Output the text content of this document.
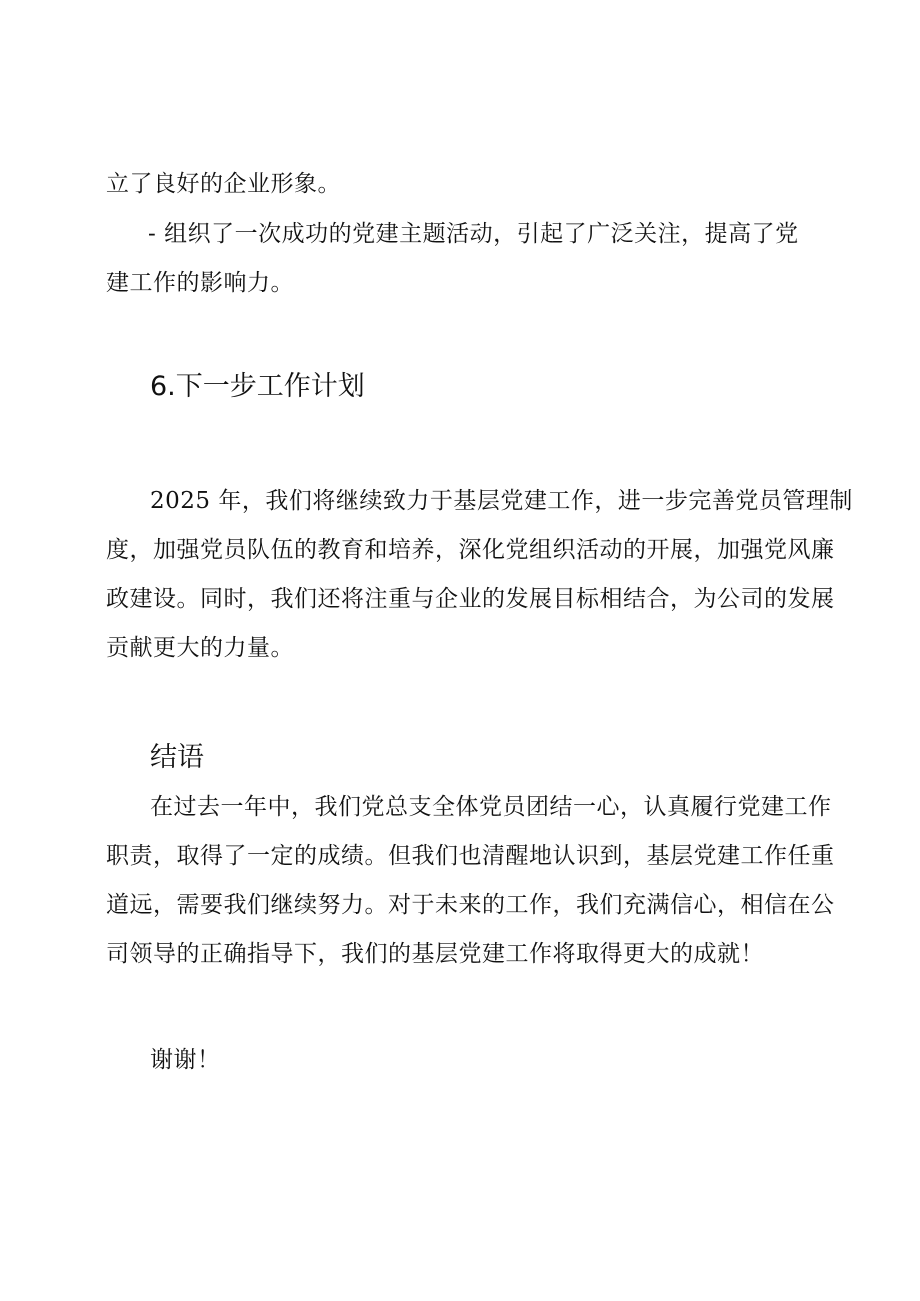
立了良好的企业形象。
- 组织了一次成功的党建主题活动，引起了广泛关注，提高了党
建工作的影响力。
6.下一步工作计划
2025 年，我们将继续致力于基层党建工作，进一步完善党员管理制
度，加强党员队伍的教育和培养，深化党组织活动的开展，加强党风廉
政建设。同时，我们还将注重与企业的发展目标相结合，为公司的发展
贡献更大的力量。
结语
在过去一年中，我们党总支全体党员团结一心，认真履行党建工作
职责，取得了一定的成绩。但我们也清醒地认识到，基层党建工作任重
道远，需要我们继续努力。对于未来的工作，我们充满信心，相信在公
司领导的正确指导下，我们的基层党建工作将取得更大的成就！
谢谢！
